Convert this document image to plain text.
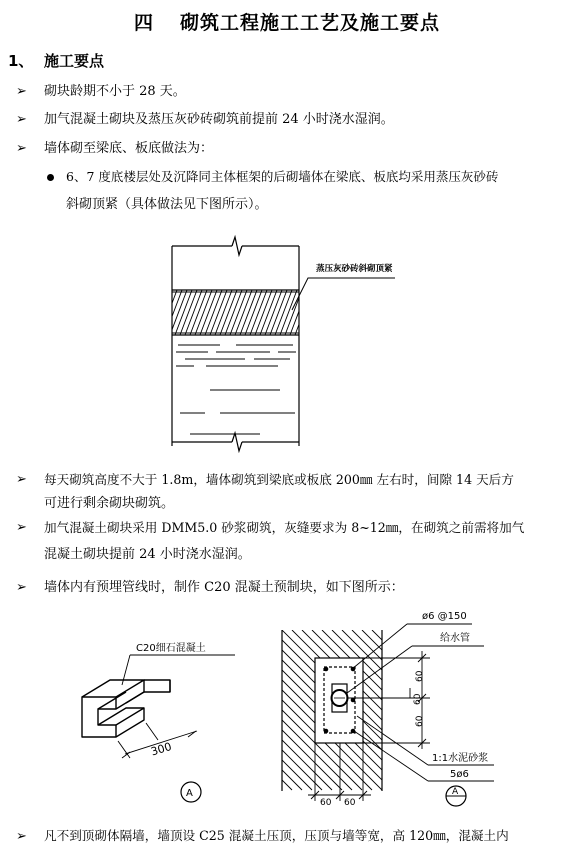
四 砌筑工程施工工艺及施工要点
1、 施工要点
➢ 砌块龄期不小于 28 天。
➢ 加气混凝土砌块及蒸压灰砂砖砌筑前提前 24 小时浇水湿润。
➢ 墙体砌至梁底、板底做法为：
6、7 度底楼层处及沉降同主体框架的后砌墙体在梁底、板底均采用蒸压灰砂砖
斜砌顶紧（具体做法见下图所示）。
蒸压灰砂砖斜砌顶紧
➢ 每天砌筑高度不大于 1.8m，墙体砌筑到梁底或板底 200㎜ 左右时，间隙 14 天后方
可进行剩余砌块砌筑。
➢ 加气混凝土砌块采用 DMM5.0 砂浆砌筑，灰缝要求为 8~12㎜，在砌筑之前需将加气
混凝土砌块提前 24 小时浇水湿润。
➢ 墙体内有预埋管线时，制作 C20 混凝土预制块，如下图所示：
C20细石混凝土
300
A
60
60
60
60 60
ø6 @150
给水管
1:1水泥砂浆
5ø6
A
➢ 凡不到顶砌体隔墙，墙顶设 C25 混凝土压顶，压顶与墙等宽，高 120㎜，混凝土内
